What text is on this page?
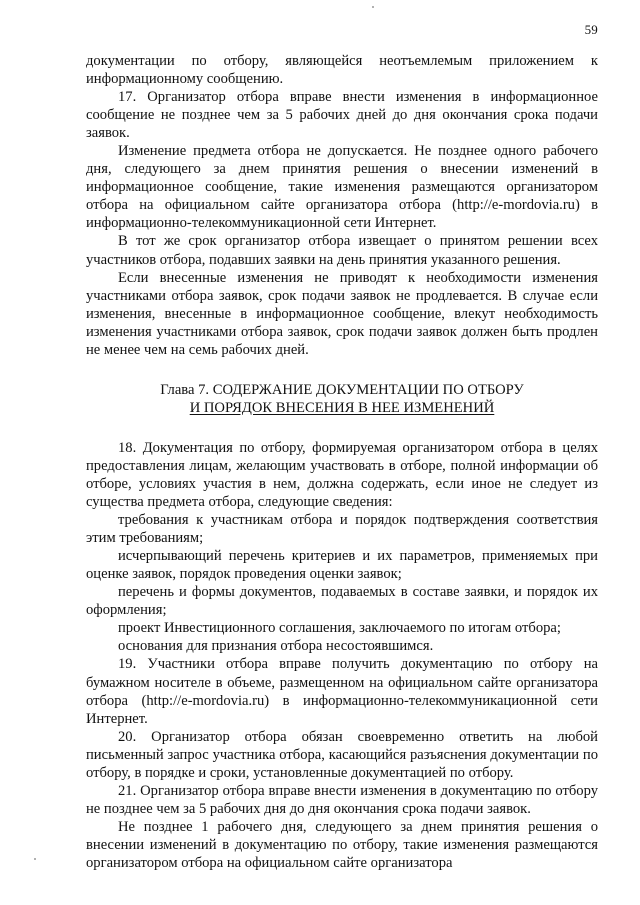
59

документации по отбору, являющейся неотъемлемым приложением к информационному сообщению.

17. Организатор отбора вправе внести изменения в информационное сообщение не позднее чем за 5 рабочих дней до дня окончания срока подачи заявок.

Изменение предмета отбора не допускается. Не позднее одного рабочего дня, следующего за днем принятия решения о внесении изменений в информационное сообщение, такие изменения размещаются организатором отбора на официальном сайте организатора отбора (http://e-mordovia.ru) в информационно-телекоммуникационной сети Интернет.

В тот же срок организатор отбора извещает о принятом решении всех участников отбора, подавших заявки на день принятия указанного решения.

Если внесенные изменения не приводят к необходимости изменения участниками отбора заявок, срок подачи заявок не продлевается. В случае если изменения, внесенные в информационное сообщение, влекут необходимость изменения участниками отбора заявок, срок подачи заявок должен быть продлен не менее чем на семь рабочих дней.

Глава 7. СОДЕРЖАНИЕ ДОКУМЕНТАЦИИ ПО ОТБОРУ
И ПОРЯДОК ВНЕСЕНИЯ В НЕЕ ИЗМЕНЕНИЙ

18. Документация по отбору, формируемая организатором отбора в целях предоставления лицам, желающим участвовать в отборе, полной информации об отборе, условиях участия в нем, должна содержать, если иное не следует из существа предмета отбора, следующие сведения:

требования к участникам отбора и порядок подтверждения соответствия этим требованиям;

исчерпывающий перечень критериев и их параметров, применяемых при оценке заявок, порядок проведения оценки заявок;

перечень и формы документов, подаваемых в составе заявки, и порядок их оформления;

проект Инвестиционного соглашения, заключаемого по итогам отбора;

основания для признания отбора несостоявшимся.

19. Участники отбора вправе получить документацию по отбору на бумажном носителе в объеме, размещенном на официальном сайте организатора отбора (http://e-mordovia.ru) в информационно-телекоммуникационной сети Интернет.

20. Организатор отбора обязан своевременно ответить на любой письменный запрос участника отбора, касающийся разъяснения документации по отбору, в порядке и сроки, установленные документацией по отбору.

21. Организатор отбора вправе внести изменения в документацию по отбору не позднее чем за 5 рабочих дня до дня окончания срока подачи заявок.

Не позднее 1 рабочего дня, следующего за днем принятия решения о внесении изменений в документацию по отбору, такие изменения размещаются организатором отбора на официальном сайте организатора
